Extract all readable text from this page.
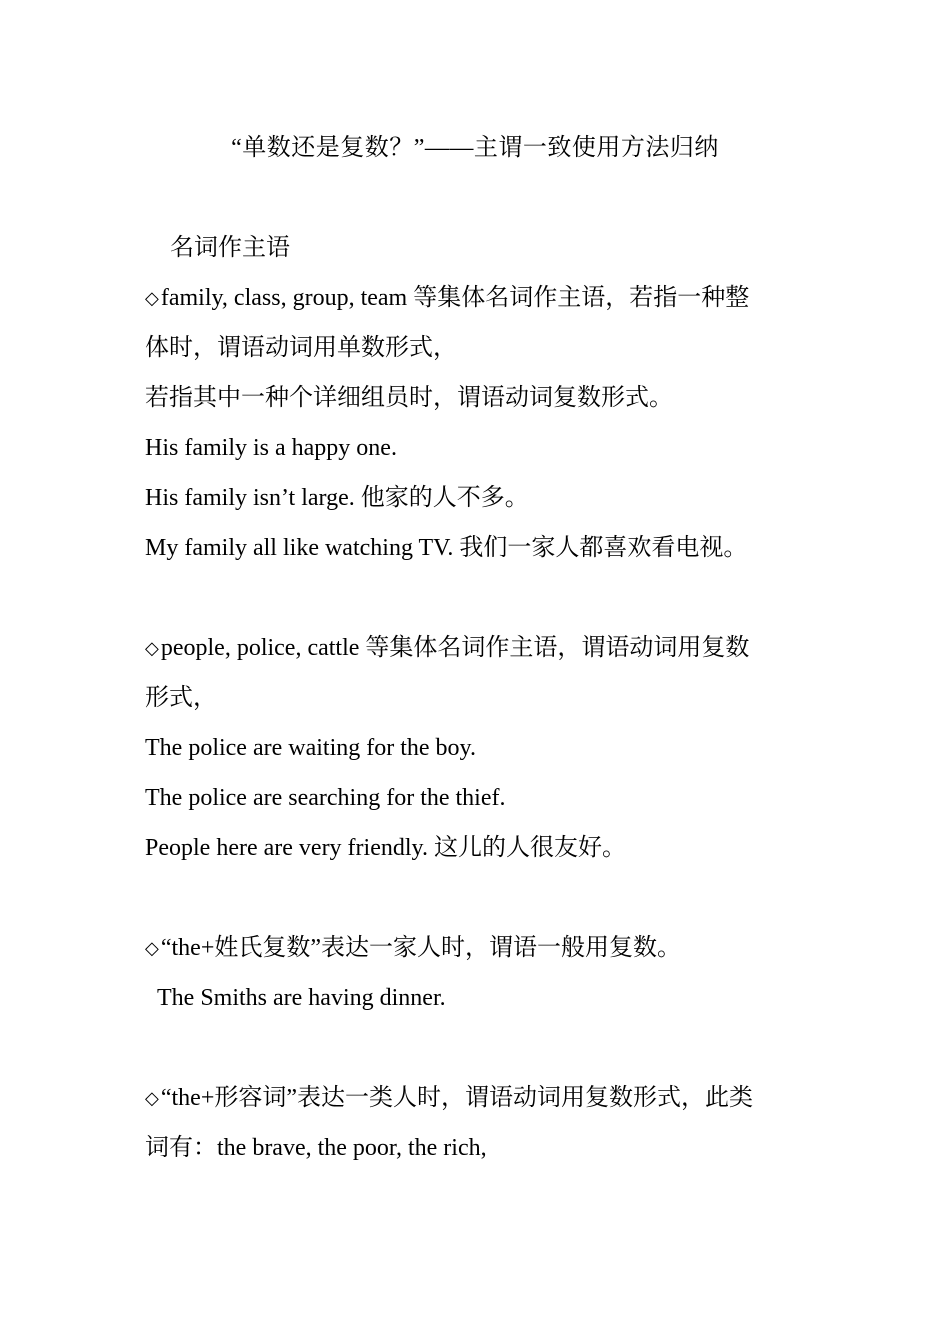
“单数还是复数？”——主谓一致使用方法归纳
名词作主语
◇family, class, group, team 等集体名词作主语，若指一种整
体时，谓语动词用单数形式，
若指其中一种个详细组员时，谓语动词复数形式。
His family is a happy one.
His family isn’t large. 他家的人不多。
My family all like watching TV. 我们一家人都喜欢看电视。
◇people, police, cattle 等集体名词作主语，谓语动词用复数
形式，
The police are waiting for the boy.
The police are searching for the thief.
People here are very friendly. 这儿的人很友好。
◇“the+姓氏复数”表达一家人时，谓语一般用复数。
The Smiths are having dinner.
◇“the+形容词”表达一类人时，谓语动词用复数形式，此类
词有：the brave, the poor, the rich,
